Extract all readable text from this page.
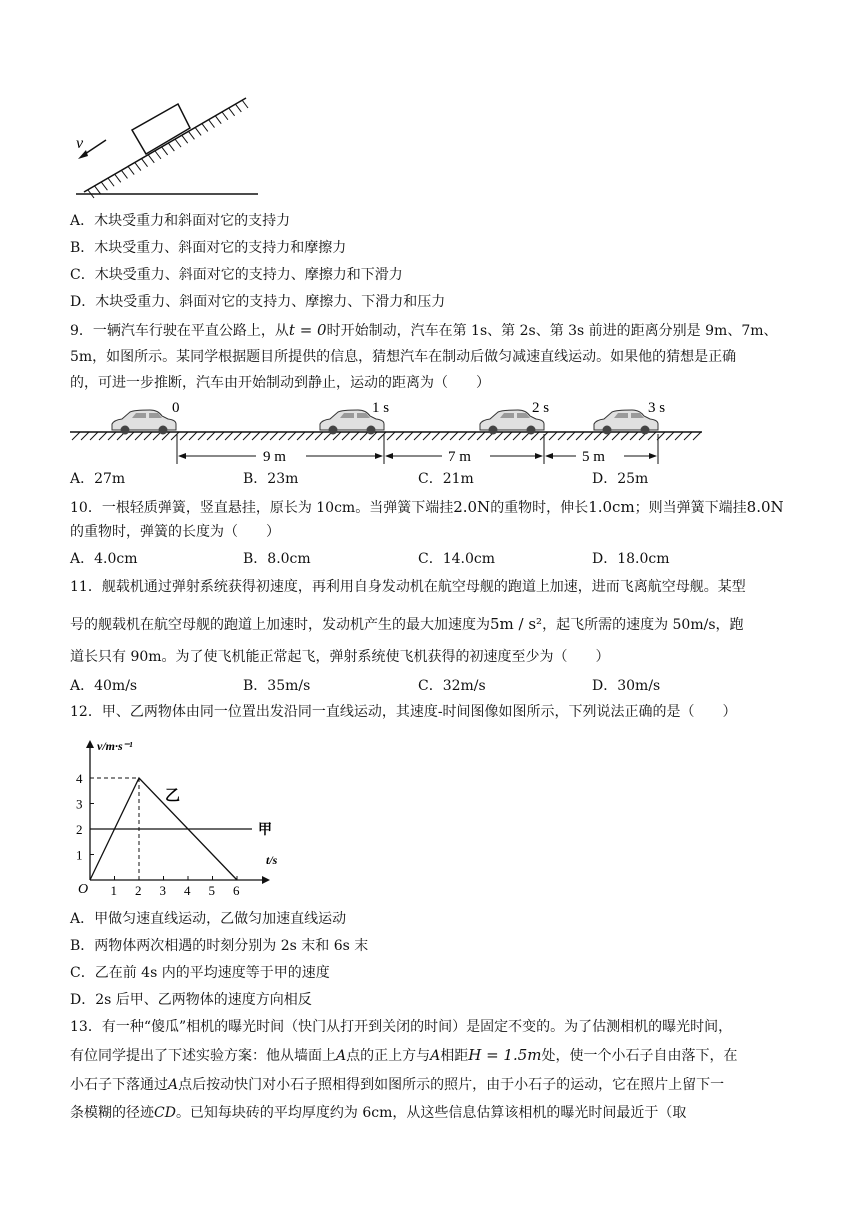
v
A．木块受重力和斜面对它的支持力
B．木块受重力、斜面对它的支持力和摩擦力
C．木块受重力、斜面对它的支持力、摩擦力和下滑力
D．木块受重力、斜面对它的支持力、摩擦力、下滑力和压力
9．一辆汽车行驶在平直公路上，从t = 0时开始制动，汽车在第 1s、第 2s、第 3s 前进的距离分别是 9m、7m、
5m，如图所示。某同学根据题目所提供的信息，猜想汽车在制动后做匀减速直线运动。如果他的猜想是正确
的，可进一步推断，汽车由开始制动到静止，运动的距离为（　　）
0	1 s	2 s	3 s
9 m	7 m	5 m
A．27m	B．23m	C．21m	D．25m
10．一根轻质弹簧，竖直悬挂，原长为 10cm。当弹簧下端挂2.0N的重物时，伸长1.0cm；则当弹簧下端挂8.0N
的重物时，弹簧的长度为（　　）
A．4.0cm	B．8.0cm	C．14.0cm	D．18.0cm
11．舰载机通过弹射系统获得初速度，再利用自身发动机在航空母舰的跑道上加速，进而飞离航空母舰。某型
号的舰载机在航空母舰的跑道上加速时，发动机产生的最大加速度为5m / s²，起飞所需的速度为 50m/s，跑
道长只有 90m。为了使飞机能正常起飞，弹射系统使飞机获得的初速度至少为（　　）
A．40m/s	B．35m/s	C．32m/s	D．30m/s
12．甲、乙两物体由同一位置出发沿同一直线运动，其速度-时间图像如图所示，下列说法正确的是（　　）
v/m·s⁻¹
t/s
O
1
2
3
4
1 2 3 4 5 6
甲
乙
A．甲做匀速直线运动，乙做匀加速直线运动
B．两物体两次相遇的时刻分别为 2s 末和 6s 末
C．乙在前 4s 内的平均速度等于甲的速度
D．2s 后甲、乙两物体的速度方向相反
13．有一种“傻瓜”相机的曝光时间（快门从打开到关闭的时间）是固定不变的。为了估测相机的曝光时间，
有位同学提出了下述实验方案：他从墙面上A点的正上方与A相距H = 1.5m处，使一个小石子自由落下，在
小石子下落通过A点后按动快门对小石子照相得到如图所示的照片，由于小石子的运动，它在照片上留下一
条模糊的径迹CD。已知每块砖的平均厚度约为 6cm，从这些信息估算该相机的曝光时间最近于（取
